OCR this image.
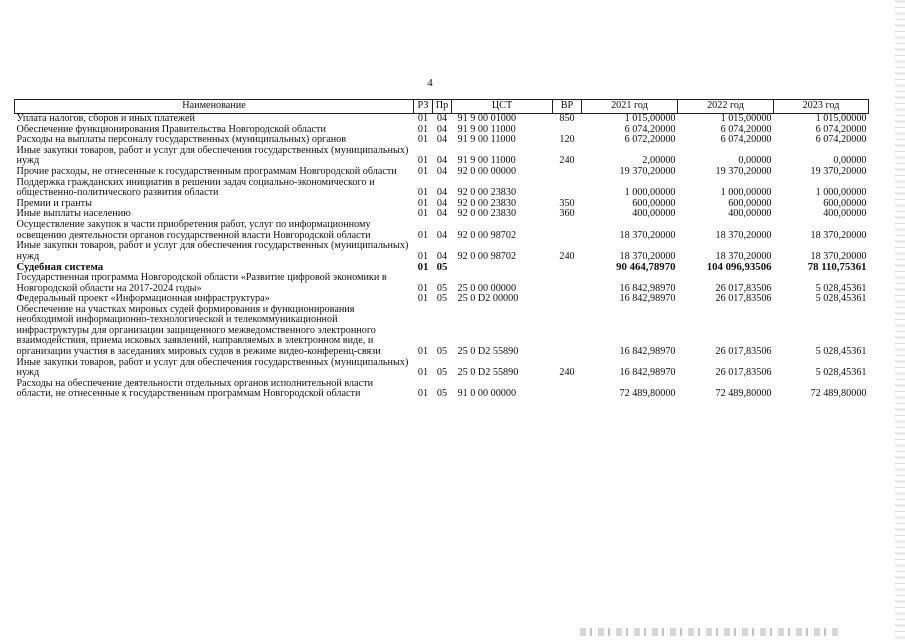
4
Наименование	РЗ	Пр	ЦСТ	ВР	2021 год	2022 год	2023 год
Уплата налогов, сборов и иных платежей	01	04	91 9 00 01000	850	1 015,00000	1 015,00000	1 015,00000
Обеспечение функционирования Правительства Новгородской области	01	04	91 9 00 11000		6 074,20000	6 074,20000	6 074,20000
Расходы на выплаты персоналу государственных (муниципальных) органов	01	04	91 9 00 11000	120	6 072,20000	6 074,20000	6 074,20000
Иные закупки товаров, работ и услуг для обеспечения государственных (муниципальных) нужд	01	04	91 9 00 11000	240	2,00000	0,00000	0,00000
Прочие расходы, не отнесенные к государственным программам Новгородской области	01	04	92 0 00 00000		19 370,20000	19 370,20000	19 370,20000
Поддержка гражданских инициатив в решении задач социально-экономического и общественно-политического развития области	01	04	92 0 00 23830		1 000,00000	1 000,00000	1 000,00000
Премии и гранты	01	04	92 0 00 23830	350	600,00000	600,00000	600,00000
Иные выплаты населению	01	04	92 0 00 23830	360	400,00000	400,00000	400,00000
Осуществление закупок в части приобретения работ, услуг по информационному освещению деятельности органов государственной власти Новгородской области	01	04	92 0 00 98702		18 370,20000	18 370,20000	18 370,20000
Иные закупки товаров, работ и услуг для обеспечения государственных (муниципальных) нужд	01	04	92 0 00 98702	240	18 370,20000	18 370,20000	18 370,20000
Судебная система	01	05			90 464,78970	104 096,93506	78 110,75361
Государственная программа Новгородской области «Развитие цифровой экономики в Новгородской области на 2017-2024 годы»	01	05	25 0 00 00000		16 842,98970	26 017,83506	5 028,45361
Федеральный проект «Информационная инфраструктура»	01	05	25 0 D2 00000		16 842,98970	26 017,83506	5 028,45361
Обеспечение на участках мировых судей формирования и функционирования необходимой информационно-технологической и телекоммуникационной инфраструктуры для организации защищенного межведомственного электронного взаимодействия, приема исковых заявлений, направляемых в электронном виде, и организации участия в заседаниях мировых судов в режиме видео-конференц-связи	01	05	25 0 D2 55890		16 842,98970	26 017,83506	5 028,45361
Иные закупки товаров, работ и услуг для обеспечения государственных (муниципальных) нужд	01	05	25 0 D2 55890	240	16 842,98970	26 017,83506	5 028,45361
Расходы на обеспечение деятельности отдельных органов исполнительной власти области, не отнесенные к государственным программам Новгородской области	01	05	91 0 00 00000		72 489,80000	72 489,80000	72 489,80000
